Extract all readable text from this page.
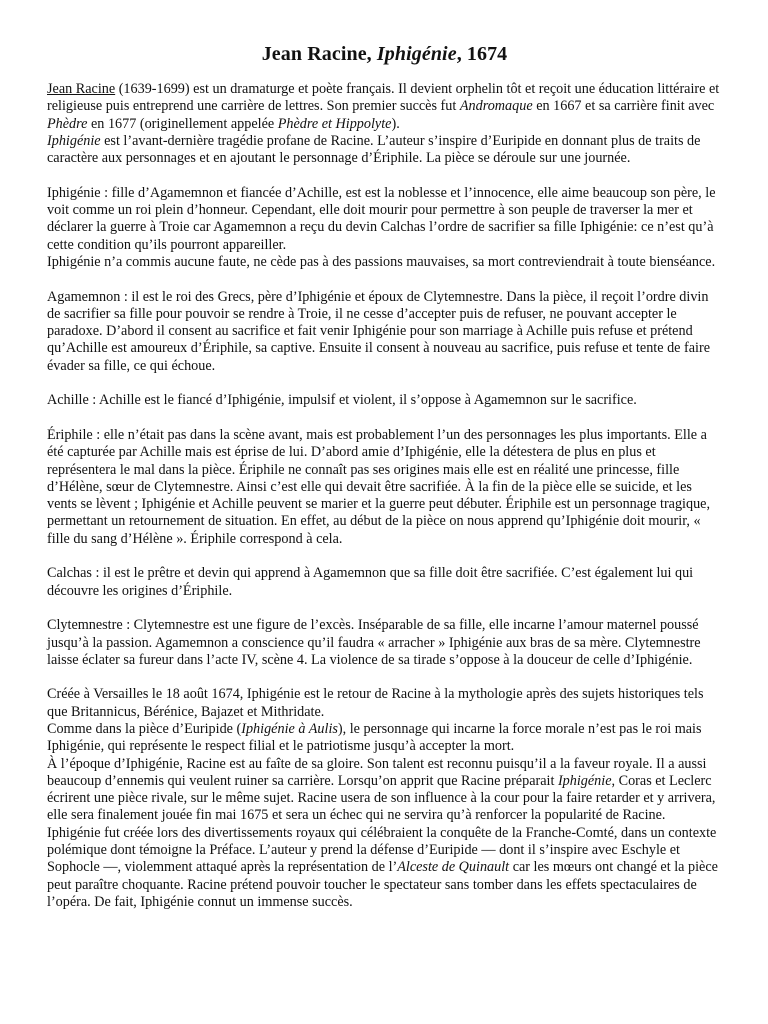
Jean Racine, Iphigénie, 1674

Jean Racine (1639-1699) est un dramaturge et poète français. Il devient orphelin tôt et reçoit une éducation littéraire et religieuse puis entreprend une carrière de lettres. Son premier succès fut Andromaque en 1667 et sa carrière finit avec Phèdre en 1677 (originellement appelée Phèdre et Hippolyte).

Iphigénie est l’avant-dernière tragédie profane de Racine. L’auteur s’inspire d’Euripide en donnant plus de traits de caractère aux personnages et en ajoutant le personnage d’Ériphile. La pièce se déroule sur une journée.

Iphigénie : fille d’Agamemnon et fiancée d’Achille, est est la noblesse et l’innocence, elle aime beaucoup son père, le voit comme un roi plein d’honneur. Cependant, elle doit mourir pour permettre à son peuple de traverser la mer et déclarer la guerre à Troie car Agamemnon a reçu du devin Calchas l’ordre de sacrifier sa fille Iphigénie: ce n’est qu’à cette condition qu’ils pourront appareiller.

Iphigénie n’a commis aucune faute, ne cède pas à des passions mauvaises, sa mort contreviendrait à toute bienséance.

Agamemnon : il est le roi des Grecs, père d’Iphigénie et époux de Clytemnestre. Dans la pièce, il reçoit l’ordre divin de sacrifier sa fille pour pouvoir se rendre à Troie, il ne cesse d’accepter puis de refuser, ne pouvant accepter le paradoxe. D’abord il consent au sacrifice et fait venir Iphigénie pour son marriage à Achille puis refuse et prétend qu’Achille est amoureux d’Ériphile, sa captive. Ensuite il consent à nouveau au sacrifice, puis refuse et tente de faire évader sa fille, ce qui échoue.

Achille : Achille est le fiancé d’Iphigénie, impulsif et violent, il s’oppose à Agamemnon sur le sacrifice.

Ériphile : elle n’était pas dans la scène avant, mais est probablement l’un des personnages les plus importants. Elle a été capturée par Achille mais est éprise de lui. D’abord amie d’Iphigénie, elle la détestera de plus en plus et représentera le mal dans la pièce. Ériphile ne connaît pas ses origines mais elle est en réalité une princesse, fille d’Hélène, sœur de Clytemnestre. Ainsi c’est elle qui devait être sacrifiée. À la fin de la pièce elle se suicide, et les vents se lèvent ; Iphigénie et Achille peuvent se marier et la guerre peut débuter. Ériphile est un personnage tragique, permettant un retournement de situation. En effet, au début de la pièce on nous apprend qu’Iphigénie doit mourir, « fille du sang d’Hélène ». Ériphile correspond à cela.

Calchas : il est le prêtre et devin qui apprend à Agamemnon que sa fille doit être sacrifiée. C’est également lui qui découvre les origines d’Ériphile.

Clytemnestre : Clytemnestre est une figure de l’excès. Inséparable de sa fille, elle incarne l’amour maternel poussé jusqu’à la passion. Agamemnon a conscience qu’il faudra « arracher » Iphigénie aux bras de sa mère. Clytemnestre laisse éclater sa fureur dans l’acte IV, scène 4. La violence de sa tirade s’oppose à la douceur de celle d’Iphigénie.

Créée à Versailles le 18 août 1674, Iphigénie est le retour de Racine à la mythologie après des sujets historiques tels que Britannicus, Bérénice, Bajazet et Mithridate.

Comme dans la pièce d’Euripide (Iphigénie à Aulis), le personnage qui incarne la force morale n’est pas le roi mais Iphigénie, qui représente le respect filial et le patriotisme jusqu’à accepter la mort.

À l’époque d’Iphigénie, Racine est au faîte de sa gloire. Son talent est reconnu puisqu’il a la faveur royale. Il a aussi beaucoup d’ennemis qui veulent ruiner sa carrière. Lorsqu’on apprit que Racine préparait Iphigénie, Coras et Leclerc écrirent une pièce rivale, sur le même sujet. Racine usera de son influence à la cour pour la faire retarder et y arrivera, elle sera finalement jouée fin mai 1675 et sera un échec qui ne servira qu’à renforcer la popularité de Racine.

Iphigénie fut créée lors des divertissements royaux qui célébraient la conquête de la Franche-Comté, dans un contexte polémique dont témoigne la Préface. L’auteur y prend la défense d’Euripide — dont il s’inspire avec Eschyle et Sophocle —, violemment attaqué après la représentation de l’Alceste de Quinault car les mœurs ont changé et la pièce peut paraître choquante. Racine prétend pouvoir toucher le spectateur sans tomber dans les effets spectaculaires de l’opéra. De fait, Iphigénie connut un immense succès.
